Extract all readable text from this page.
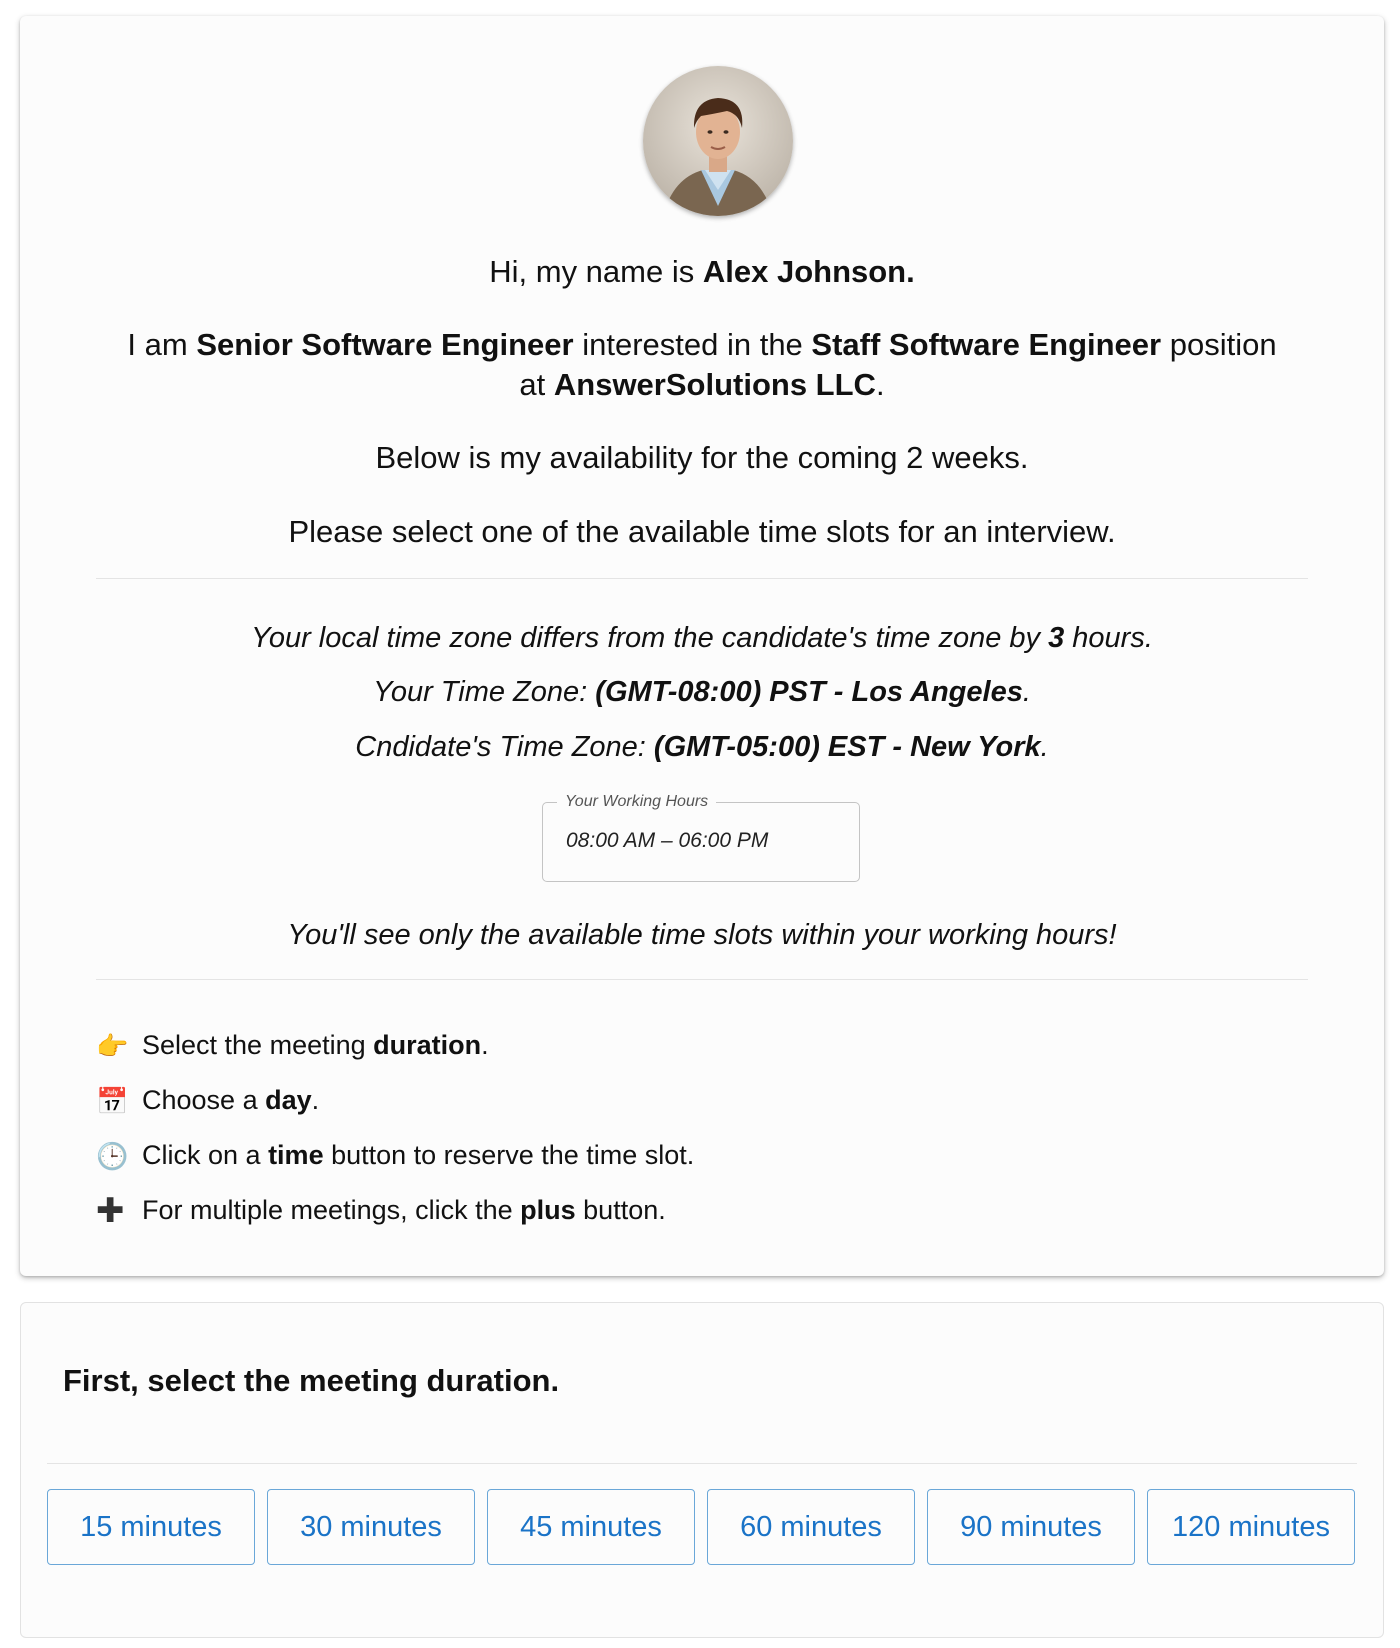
Hi, my name is Alex Johnson.
I am Senior Software Engineer interested in the Staff Software Engineer position
at AnswerSolutions LLC.
Below is my availability for the coming 2 weeks.
Please select one of the available time slots for an interview.
Your local time zone differs from the candidate's time zone by 3 hours.
Your Time Zone: (GMT-08:00) PST - Los Angeles.
Cndidate's Time Zone: (GMT-05:00) EST - New York.
Your Working Hours
08:00 AM – 06:00 PM
You'll see only the available time slots within your working hours!
👉 Select the meeting duration.
📅 Choose a day.
🕒 Click on a time button to reserve the time slot.
✚ For multiple meetings, click the plus button.
First, select the meeting duration.
15 minutes	30 minutes	45 minutes	60 minutes	90 minutes	120 minutes
